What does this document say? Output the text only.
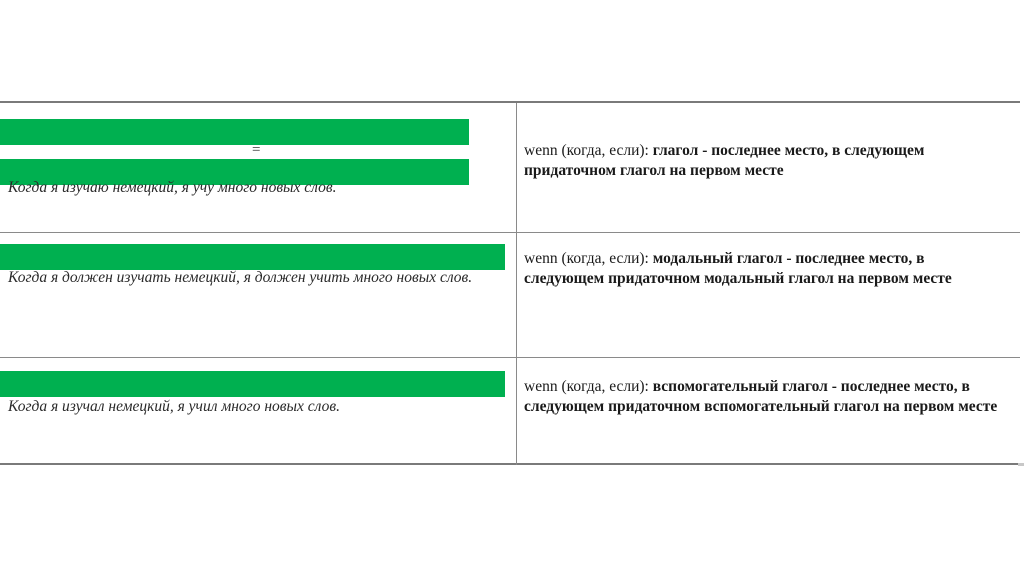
=
Когда я изучаю немецкий, я учу много новых слов.
wenn (когда, если): глагол - последнее место, в следующем придаточном глагол на первом месте
Когда я должен изучать немецкий, я должен учить много новых слов.
wenn (когда, если): модальный глагол - последнее место, в следующем придаточном модальный глагол на первом месте
Когда я изучал немецкий, я учил много новых слов.
wenn (когда, если): вспомогательный глагол - последнее место, в следующем придаточном вспомогательный глагол на первом месте
